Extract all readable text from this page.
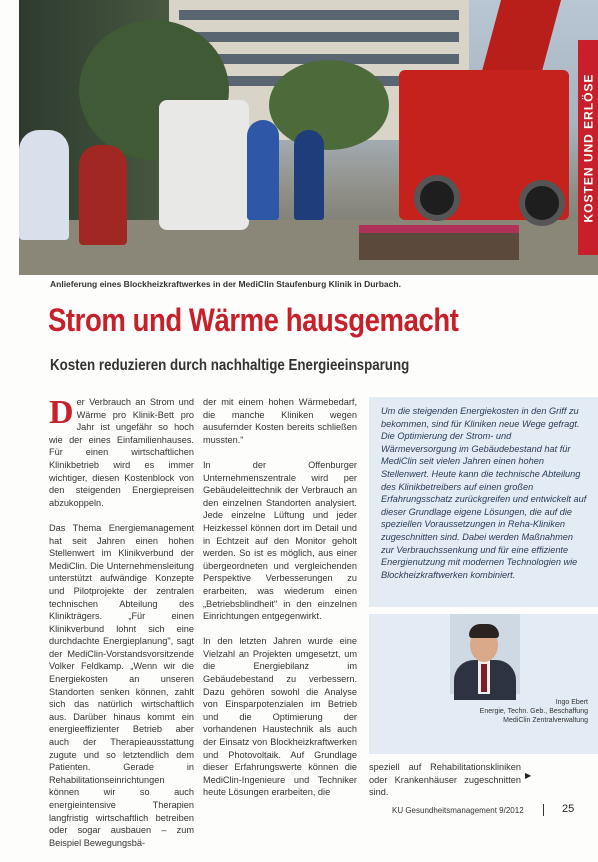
KOSTEN UND ERLÖSE
Anlieferung eines Blockheizkraftwerkes in der MediClin Staufenburg Klinik in Durbach.
Strom und Wärme hausgemacht
Kosten reduzieren durch nachhaltige Energieeinsparung

Der Verbrauch an Strom und Wärme pro Klinik-Bett pro Jahr ist ungefähr so hoch wie der eines Einfamilienhauses. Für einen wirtschaftlichen Klinikbetrieb wird es immer wichtiger, diesen Kostenblock von den steigenden Energiepreisen abzukoppeln.

Das Thema Energiemanagement hat seit Jahren einen hohen Stellenwert im Klinikverbund der MediClin. Die Unternehmensleitung unterstützt aufwändige Konzepte und Pilotprojekte der zentralen technischen Abteilung des Klinikträgers. „Für einen Klinikverbund lohnt sich eine durchdachte Energieplanung", sagt der MediClin-Vorstandsvorsitzende Volker Feldkamp. „Wenn wir die Energiekosten an unseren Standorten senken können, zahlt sich das natürlich wirtschaftlich aus. Darüber hinaus kommt ein energieeffizienter Betrieb aber auch der Therapieausstattung zugute und so letztendlich dem Patienten. Gerade in Rehabilitationseinrichtungen können wir so auch energieintensive Therapien langfristig wirtschaftlich betreiben oder sogar ausbauen – zum Beispiel Bewegungsbä-

der mit einem hohen Wärmebedarf, die manche Kliniken wegen ausufernder Kosten bereits schließen mussten."

In der Offenburger Unternehmenszentrale wird per Gebäudeleittechnik der Verbrauch an den einzelnen Standorten analysiert. Jede einzelne Lüftung und jeder Heizkessel können dort im Detail und in Echtzeit auf den Monitor geholt werden. So ist es möglich, aus einer übergeordneten und vergleichenden Perspektive Verbesserungen zu erarbeiten, was wiederum einen „Betriebsblindheit" in den einzelnen Einrichtungen entgegenwirkt.

In den letzten Jahren wurde eine Vielzahl an Projekten umgesetzt, um die Energiebilanz im Gebäudebestand zu verbessern. Dazu gehören sowohl die Analyse von Einsparpotenzialen im Betrieb und die Optimierung der vorhandenen Haustechnik als auch der Einsatz von Blockheizkraftwerken und Photovoltaik. Auf Grundlage dieser Erfahrungswerte können die MediClin-Ingenieure und Techniker heute Lösungen erarbeiten, die

Um die steigenden Energiekosten in den Griff zu bekommen, sind für Kliniken neue Wege gefragt. Die Optimierung der Strom- und Wärmeversorgung im Gebäudebestand hat für MediClin seit vielen Jahren einen hohen Stellenwert. Heute kann die technische Abteilung des Klinikbetreibers auf einen großen Erfahrungsschatz zurückgreifen und entwickelt auf dieser Grundlage eigene Lösungen, die auf die speziellen Voraussetzungen in Reha-Kliniken zugeschnitten sind. Dabei werden Maßnahmen zur Verbrauchssenkung und für eine effiziente Energienutzung mit modernen Technologien wie Blockheizkraftwerken kombiniert.
Ingo Ebert
Energie, Techn. Geb., Beschaffung
MediClin Zentralverwaltung
speziell auf Rehabilitationskliniken oder Krankenhäuser zugeschnitten sind.
▶
KU Gesundheitsmanagement 9/2012	25
